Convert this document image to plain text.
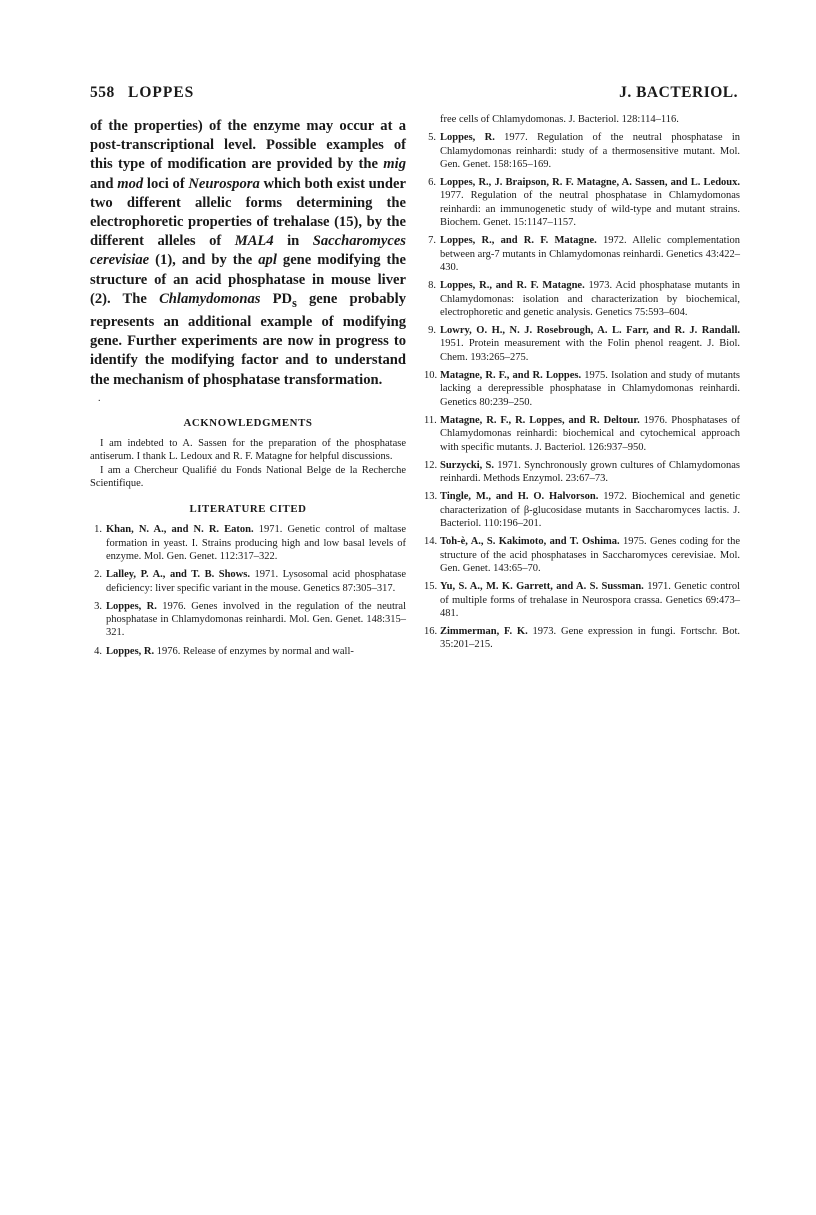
558 LOPPES	J. BACTERIOL.

of the properties) of the enzyme may occur at a post-transcriptional level. Possible examples of this type of modification are provided by the mig and mod loci of Neurospora which both exist under two different allelic forms determining the electrophoretic properties of trehalase (15), by the different alleles of MAL4 in Saccharomyces cerevisiae (1), and by the apl gene modifying the structure of an acid phosphatase in mouse liver (2). The Chlamydomonas $PD_s$ gene probably represents an additional example of modifying gene. Further experiments are now in progress to identify the modifying factor and to understand the mechanism of phosphatase transformation.

.
ACKNOWLEDGMENTS

I am indebted to A. Sassen for the preparation of the phosphatase antiserum. I thank L. Ledoux and R. F. Matagne for helpful discussions.

I am a Chercheur Qualifié du Fonds National Belge de la Recherche Scientifique.

LITERATURE CITED
1. Khan, N. A., and N. R. Eaton. 1971. Genetic control of maltase formation in yeast. I. Strains producing high and low basal levels of enzyme. Mol. Gen. Genet. 112:317–322.
2. Lalley, P. A., and T. B. Shows. 1971. Lysosomal acid phosphatase deficiency: liver specific variant in the mouse. Genetics 87:305–317.
3. Loppes, R. 1976. Genes involved in the regulation of the neutral phosphatase in Chlamydomonas reinhardi. Mol. Gen. Genet. 148:315–321.
4. Loppes, R. 1976. Release of enzymes by normal and wall-
free cells of Chlamydomonas. J. Bacteriol. 128:114–116.
5. Loppes, R. 1977. Regulation of the neutral phosphatase in Chlamydomonas reinhardi: study of a thermosensitive mutant. Mol. Gen. Genet. 158:165–169.
6. Loppes, R., J. Braipson, R. F. Matagne, A. Sassen, and L. Ledoux. 1977. Regulation of the neutral phosphatase in Chlamydomonas reinhardi: an immunogenetic study of wild-type and mutant strains. Biochem. Genet. 15:1147–1157.
7. Loppes, R., and R. F. Matagne. 1972. Allelic complementation between arg-7 mutants in Chlamydomonas reinhardi. Genetics 43:422–430.
8. Loppes, R., and R. F. Matagne. 1973. Acid phosphatase mutants in Chlamydomonas: isolation and characterization by biochemical, electrophoretic and genetic analysis. Genetics 75:593–604.
9. Lowry, O. H., N. J. Rosebrough, A. L. Farr, and R. J. Randall. 1951. Protein measurement with the Folin phenol reagent. J. Biol. Chem. 193:265–275.
10. Matagne, R. F., and R. Loppes. 1975. Isolation and study of mutants lacking a derepressible phosphatase in Chlamydomonas reinhardi. Genetics 80:239–250.
11. Matagne, R. F., R. Loppes, and R. Deltour. 1976. Phosphatases of Chlamydomonas reinhardi: biochemical and cytochemical approach with specific mutants. J. Bacteriol. 126:937–950.
12. Surzycki, S. 1971. Synchronously grown cultures of Chlamydomonas reinhardi. Methods Enzymol. 23:67–73.
13. Tingle, M., and H. O. Halvorson. 1972. Biochemical and genetic characterization of β-glucosidase mutants in Saccharomyces lactis. J. Bacteriol. 110:196–201.
14. Toh-è, A., S. Kakimoto, and T. Oshima. 1975. Genes coding for the structure of the acid phosphatases in Saccharomyces cerevisiae. Mol. Gen. Genet. 143:65–70.
15. Yu, S. A., M. K. Garrett, and A. S. Sussman. 1971. Genetic control of multiple forms of trehalase in Neurospora crassa. Genetics 69:473–481.
16. Zimmerman, F. K. 1973. Gene expression in fungi. Fortschr. Bot. 35:201–215.
